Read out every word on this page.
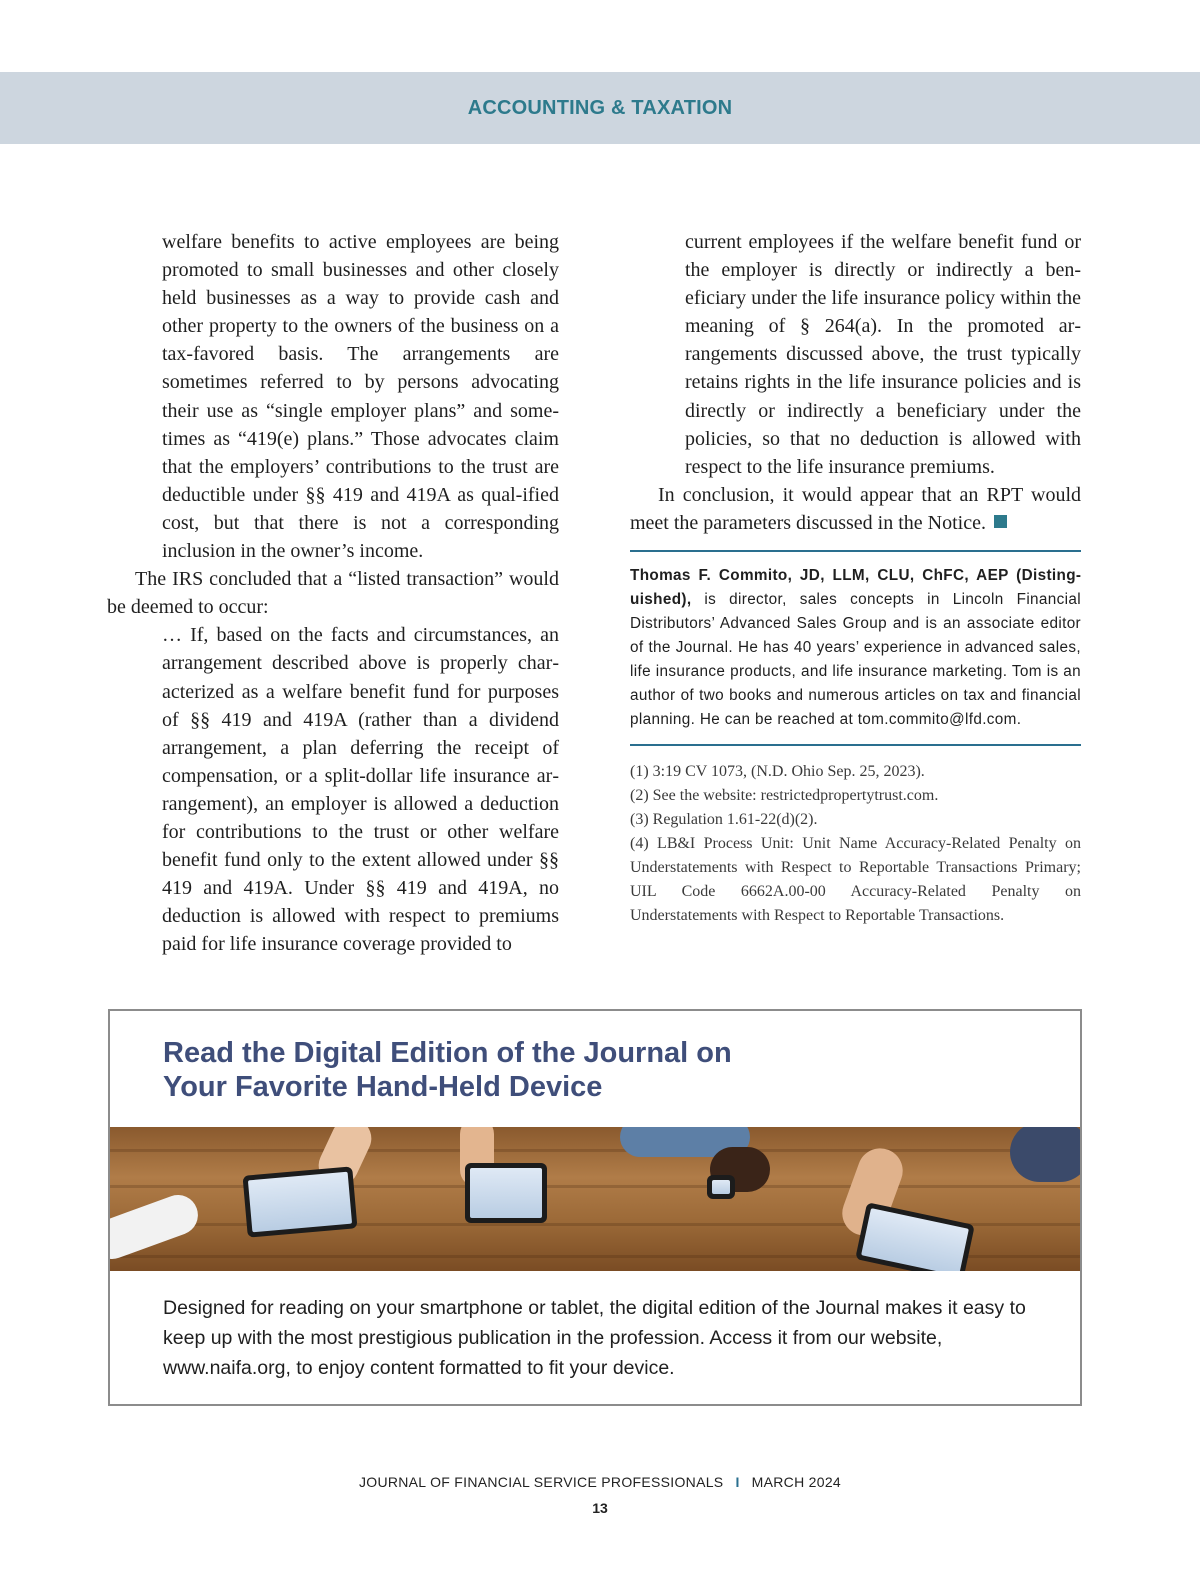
ACCOUNTING & TAXATION

welfare benefits to active employees are being promoted to small businesses and other closely held businesses as a way to provide cash and other property to the owners of the business on a tax-favored basis. The arrangements are sometimes referred to by persons advocating their use as “single employer plans” and some-times as “419(e) plans.” Those advocates claim that the employers’ contributions to the trust are deductible under §§ 419 and 419A as qual-ified cost, but that there is not a corresponding inclusion in the owner’s income.

The IRS concluded that a “listed transaction” would be deemed to occur:

… If, based on the facts and circumstances, an arrangement described above is properly characterized as a welfare benefit fund for purposes of §§ 419 and 419A (rather than a dividend arrangement, a plan deferring the receipt of compensation, or a split-dollar life insurance arrangement), an employer is allowed a deduction for contributions to the trust or other welfare benefit fund only to the extent allowed under §§ 419 and 419A. Under §§ 419 and 419A, no deduction is allowed with respect to premiums paid for life insurance coverage provided to

current employees if the welfare benefit fund or the employer is directly or indirectly a beneficiary under the life insurance policy within the meaning of § 264(a). In the promoted arrangements discussed above, the trust typically retains rights in the life insurance policies and is directly or indirectly a beneficiary under the policies, so that no deduction is allowed with respect to the life insurance premiums.

In conclusion, it would appear that an RPT would meet the parameters discussed in the Notice.

Thomas F. Commito, JD, LLM, CLU, ChFC, AEP (Distinguished), is director, sales concepts in Lincoln Financial Distributors’ Advanced Sales Group and is an associate editor of the Journal. He has 40 years’ experience in advanced sales, life insurance products, and life insurance marketing. Tom is an author of two books and numerous articles on tax and financial planning. He can be reached at tom.commito@lfd.com.

(1) 3:19 CV 1073, (N.D. Ohio Sep. 25, 2023).
(2) See the website: restrictedpropertytrust.com.
(3) Regulation 1.61-22(d)(2).
(4) LB&I Process Unit: Unit Name Accuracy-Related Penalty on Understatements with Respect to Reportable Transactions Primary; UIL Code 6662A.00-00 Accuracy-Related Penalty on Understatements with Respect to Reportable Transactions.
Read the Digital Edition of the Journal on
Your Favorite Hand-Held Device

Designed for reading on your smartphone or tablet, the digital edition of the Journal makes it easy to keep up with the most prestigious publication in the profession. Access it from our website, www.naifa.org, to enjoy content formatted to fit your device.

JOURNAL OF FINANCIAL SERVICE PROFESSIONALS I MARCH 2024
13
